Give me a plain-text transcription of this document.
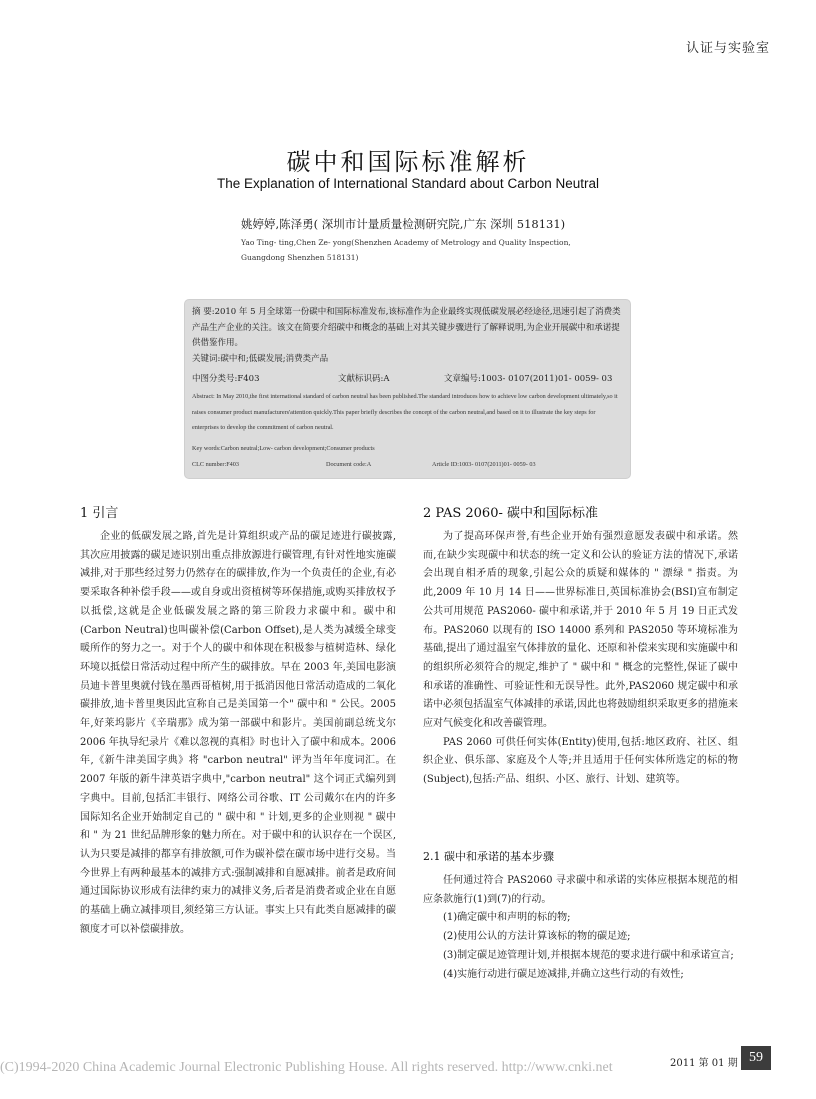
认证与实验室
碳中和国际标准解析
The Explanation of International Standard about Carbon Neutral
姚婷婷,陈泽勇( 深圳市计量质量检测研究院,广东 深圳 518131)
Yao Ting- ting,Chen Ze- yong(Shenzhen Academy of Metrology and Quality Inspection, Guangdong Shenzhen 518131)
摘 要:2010 年 5 月全球第一份碳中和国际标准发布,该标准作为企业最终实现低碳发展必经途径,迅速引起了消费类产品生产企业的关注。该文在简要介绍碳中和概念的基础上对其关键步骤进行了解释说明,为企业开展碳中和承诺提供借鉴作用。
关键词:碳中和;低碳发展;消费类产品
中图分类号:F403	文献标识码:A	文章编号:1003- 0107(2011)01- 0059- 03
Abstract: In May 2010,the first international standard of carbon neutral has been published.The standard introduces how to achieve low carbon development ultimately,so it raises consumer product manufacturers'attention quickly.This paper briefly describes the concept of the carbon neutral,and based on it to illustrate the key steps for enterprises to develop the commitment of carbon neutral.
Key words:Carbon neutral;Low- carbon development;Consumer products
CLC number:F403	Document code:A	Article ID:1003- 0107(2011)01- 0059- 03
1 引言

企业的低碳发展之路,首先是计算组织或产品的碳足迹进行碳披露,其次应用披露的碳足迹识别出重点排放源进行碳管理,有针对性地实施碳减排,对于那些经过努力仍然存在的碳排放,作为一个负责任的企业,有必要采取各种补偿手段——或自身或出资植树等环保措施,或购买排放权予以抵偿,这就是企业低碳发展之路的第三阶段力求碳中和。碳中和(Carbon Neutral)也叫碳补偿(Carbon Offset),是人类为减缓全球变暖所作的努力之一。对于个人的碳中和体现在积极参与植树造林、绿化环境以抵偿日常活动过程中所产生的碳排放。早在 2003 年,美国电影演员迪卡普里奥就付钱在墨西哥植树,用于抵消因他日常活动造成的二氧化碳排放,迪卡普里奥因此宣称自己是美国第一个" 碳中和 " 公民。2005 年,好莱坞影片《辛瑞那》成为第一部碳中和影片。美国前副总统戈尔 2006 年执导纪录片《难以忽视的真相》时也计入了碳中和成本。2006 年,《新牛津美国字典》将 "carbon neutral" 评为当年年度词汇。在 2007 年版的新牛津英语字典中,"carbon neutral" 这个词正式编列到字典中。目前,包括汇丰银行、网络公司谷歌、IT 公司戴尔在内的许多国际知名企业开始制定自己的 " 碳中和 " 计划,更多的企业则视 " 碳中和 " 为 21 世纪品牌形象的魅力所在。对于碳中和的认识存在一个误区,认为只要是减排的都享有排放额,可作为碳补偿在碳市场中进行交易。当今世界上有两种最基本的减排方式:强制减排和自愿减排。前者是政府间通过国际协议形成有法律约束力的减排义务,后者是消费者或企业在自愿的基础上确立减排项目,须经第三方认证。事实上只有此类自愿减排的碳额度才可以补偿碳排放。

2 PAS 2060- 碳中和国际标准

为了提高环保声誉,有些企业开始有强烈意愿发表碳中和承诺。然而,在缺少实现碳中和状态的统一定义和公认的验证方法的情况下,承诺会出现自相矛盾的现象,引起公众的质疑和媒体的 " 漂绿 " 指责。为此,2009 年 10 月 14 日——世界标准日,英国标准协会(BSI)宣布制定公共可用规范 PAS2060- 碳中和承诺,并于 2010 年 5 月 19 日正式发布。PAS2060 以现有的 ISO 14000 系列和 PAS2050 等环境标准为基础,提出了通过温室气体排放的量化、还原和补偿来实现和实施碳中和的组织所必须符合的规定,维护了 " 碳中和 " 概念的完整性,保证了碳中和承诺的准确性、可验证性和无误导性。此外,PAS2060 规定碳中和承诺中必须包括温室气体减排的承诺,因此也将鼓励组织采取更多的措施来应对气候变化和改善碳管理。

PAS 2060 可供任何实体(Entity)使用,包括:地区政府、社区、组织企业、俱乐部、家庭及个人等;并且适用于任何实体所选定的标的物(Subject),包括:产品、组织、小区、旅行、计划、建筑等。

2.1 碳中和承诺的基本步骤

任何通过符合 PAS2060 寻求碳中和承诺的实体应根据本规范的相应条款施行(1)到(7)的行动。

(1)确定碳中和声明的标的物;

(2)使用公认的方法计算该标的物的碳足迹;

(3)制定碳足迹管理计划,并根据本规范的要求进行碳中和承诺宣言;

(4)实施行动进行碳足迹减排,并确立这些行动的有效性;

(C)1994-2020 China Academic Journal Electronic Publishing House. All rights reserved. http://www.cnki.net	2011 第 01 期 59
